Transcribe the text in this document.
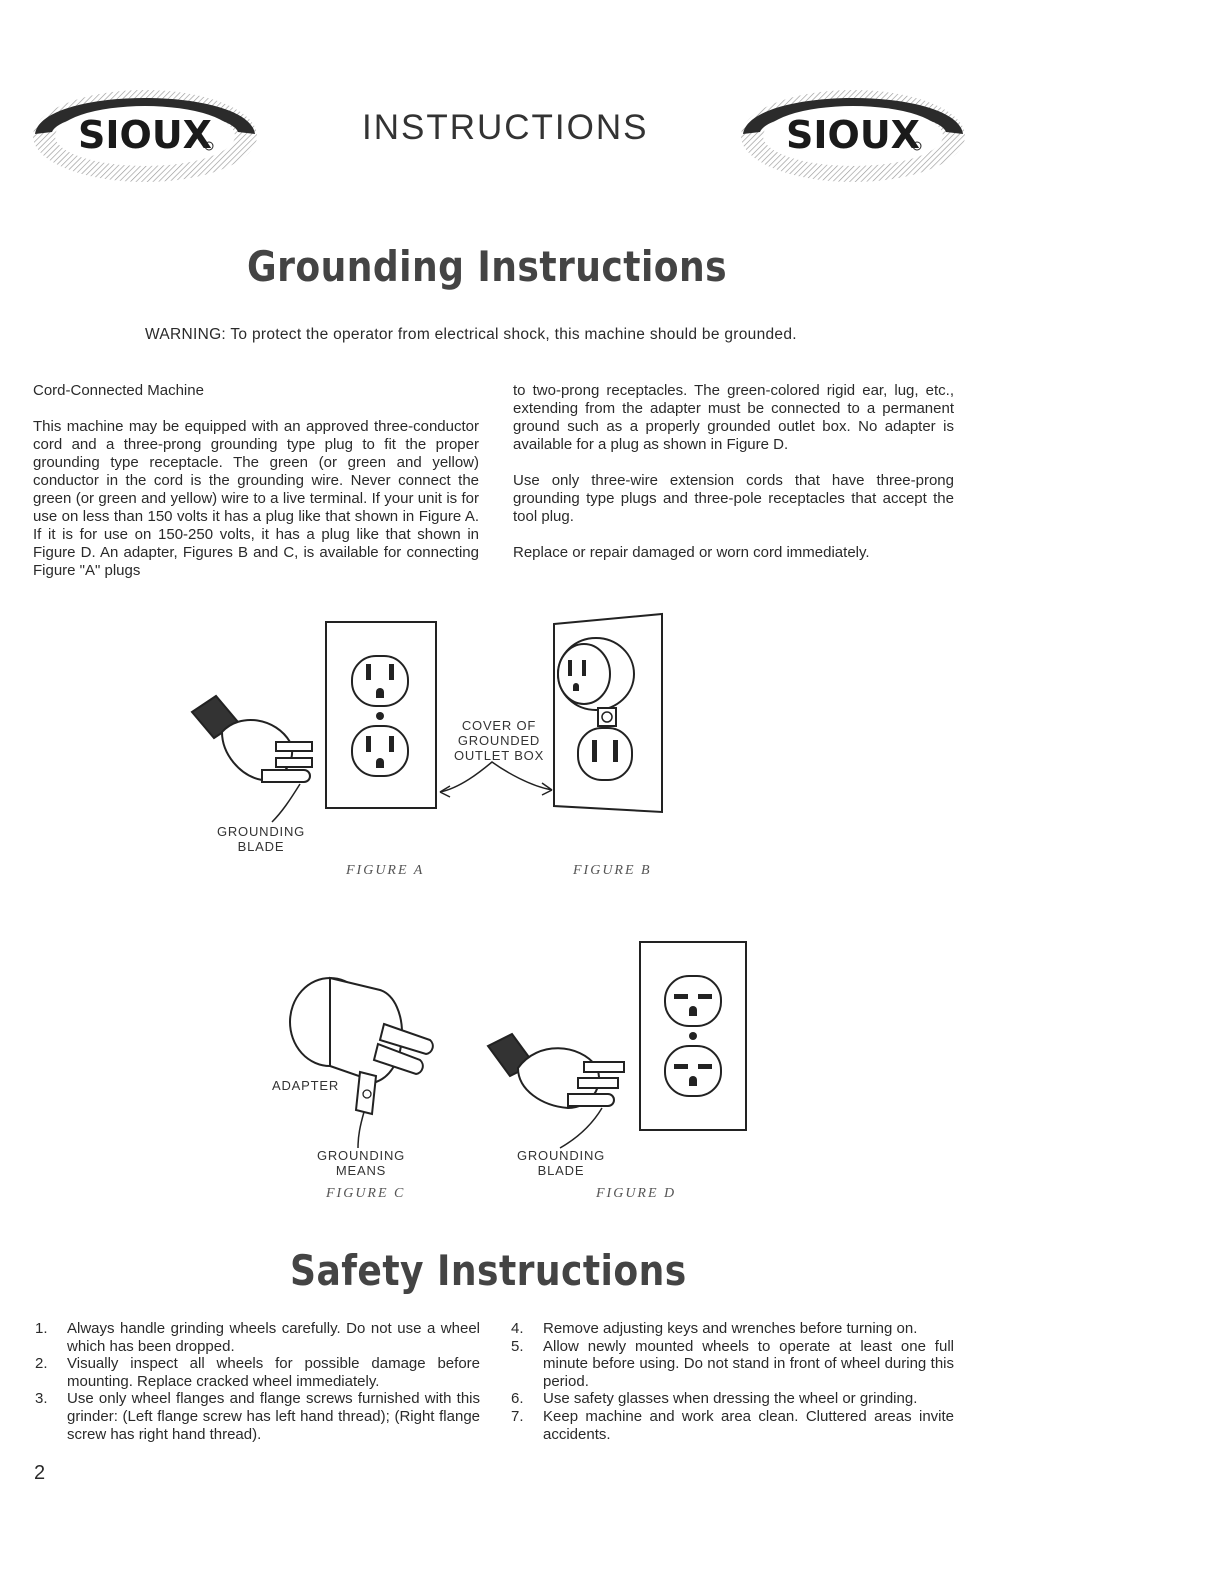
SIOUX	INSTRUCTIONS	SIOUX
Grounding Instructions
WARNING: To protect the operator from electrical shock, this machine should be grounded.
Cord-Connected Machine

This machine may be equipped with an approved three-conductor cord and a three-prong grounding type plug to fit the proper grounding type receptacle. The green (or green and yellow) conductor in the cord is the grounding wire. Never connect the green (or green and yellow) wire to a live terminal. If your unit is for use on less than 150 volts it has a plug like that shown in Figure A. If it is for use on 150-250 volts, it has a plug like that shown in Figure D. An adapter, Figures B and C, is available for connecting Figure "A" plugs

to two-prong receptacles. The green-colored rigid ear, lug, etc., extending from the adapter must be connected to a permanent ground such as a properly grounded outlet box. No adapter is available for a plug as shown in Figure D.

Use only three-wire extension cords that have three-prong grounding type plugs and three-pole receptacles that accept the tool plug.

Replace or repair damaged or worn cord immediately.

COVER OF
GROUNDED
OUTLET BOX
GROUNDING
BLADE
FIGURE A	FIGURE B
ADAPTER
GROUNDING
MEANS
GROUNDING
BLADE
FIGURE C	FIGURE D
Safety Instructions
1. Always handle grinding wheels carefully. Do not use a wheel which has been dropped.
2. Visually inspect all wheels for possible damage before mounting. Replace cracked wheel immediately.
3. Use only wheel flanges and flange screws furnished with this grinder: (Left flange screw has left hand thread); (Right flange screw has right hand thread).
4. Remove adjusting keys and wrenches before turning on.
5. Allow newly mounted wheels to operate at least one full minute before using. Do not stand in front of wheel during this period.
6. Use safety glasses when dressing the wheel or grinding.
7. Keep machine and work area clean. Cluttered areas invite accidents.
2
